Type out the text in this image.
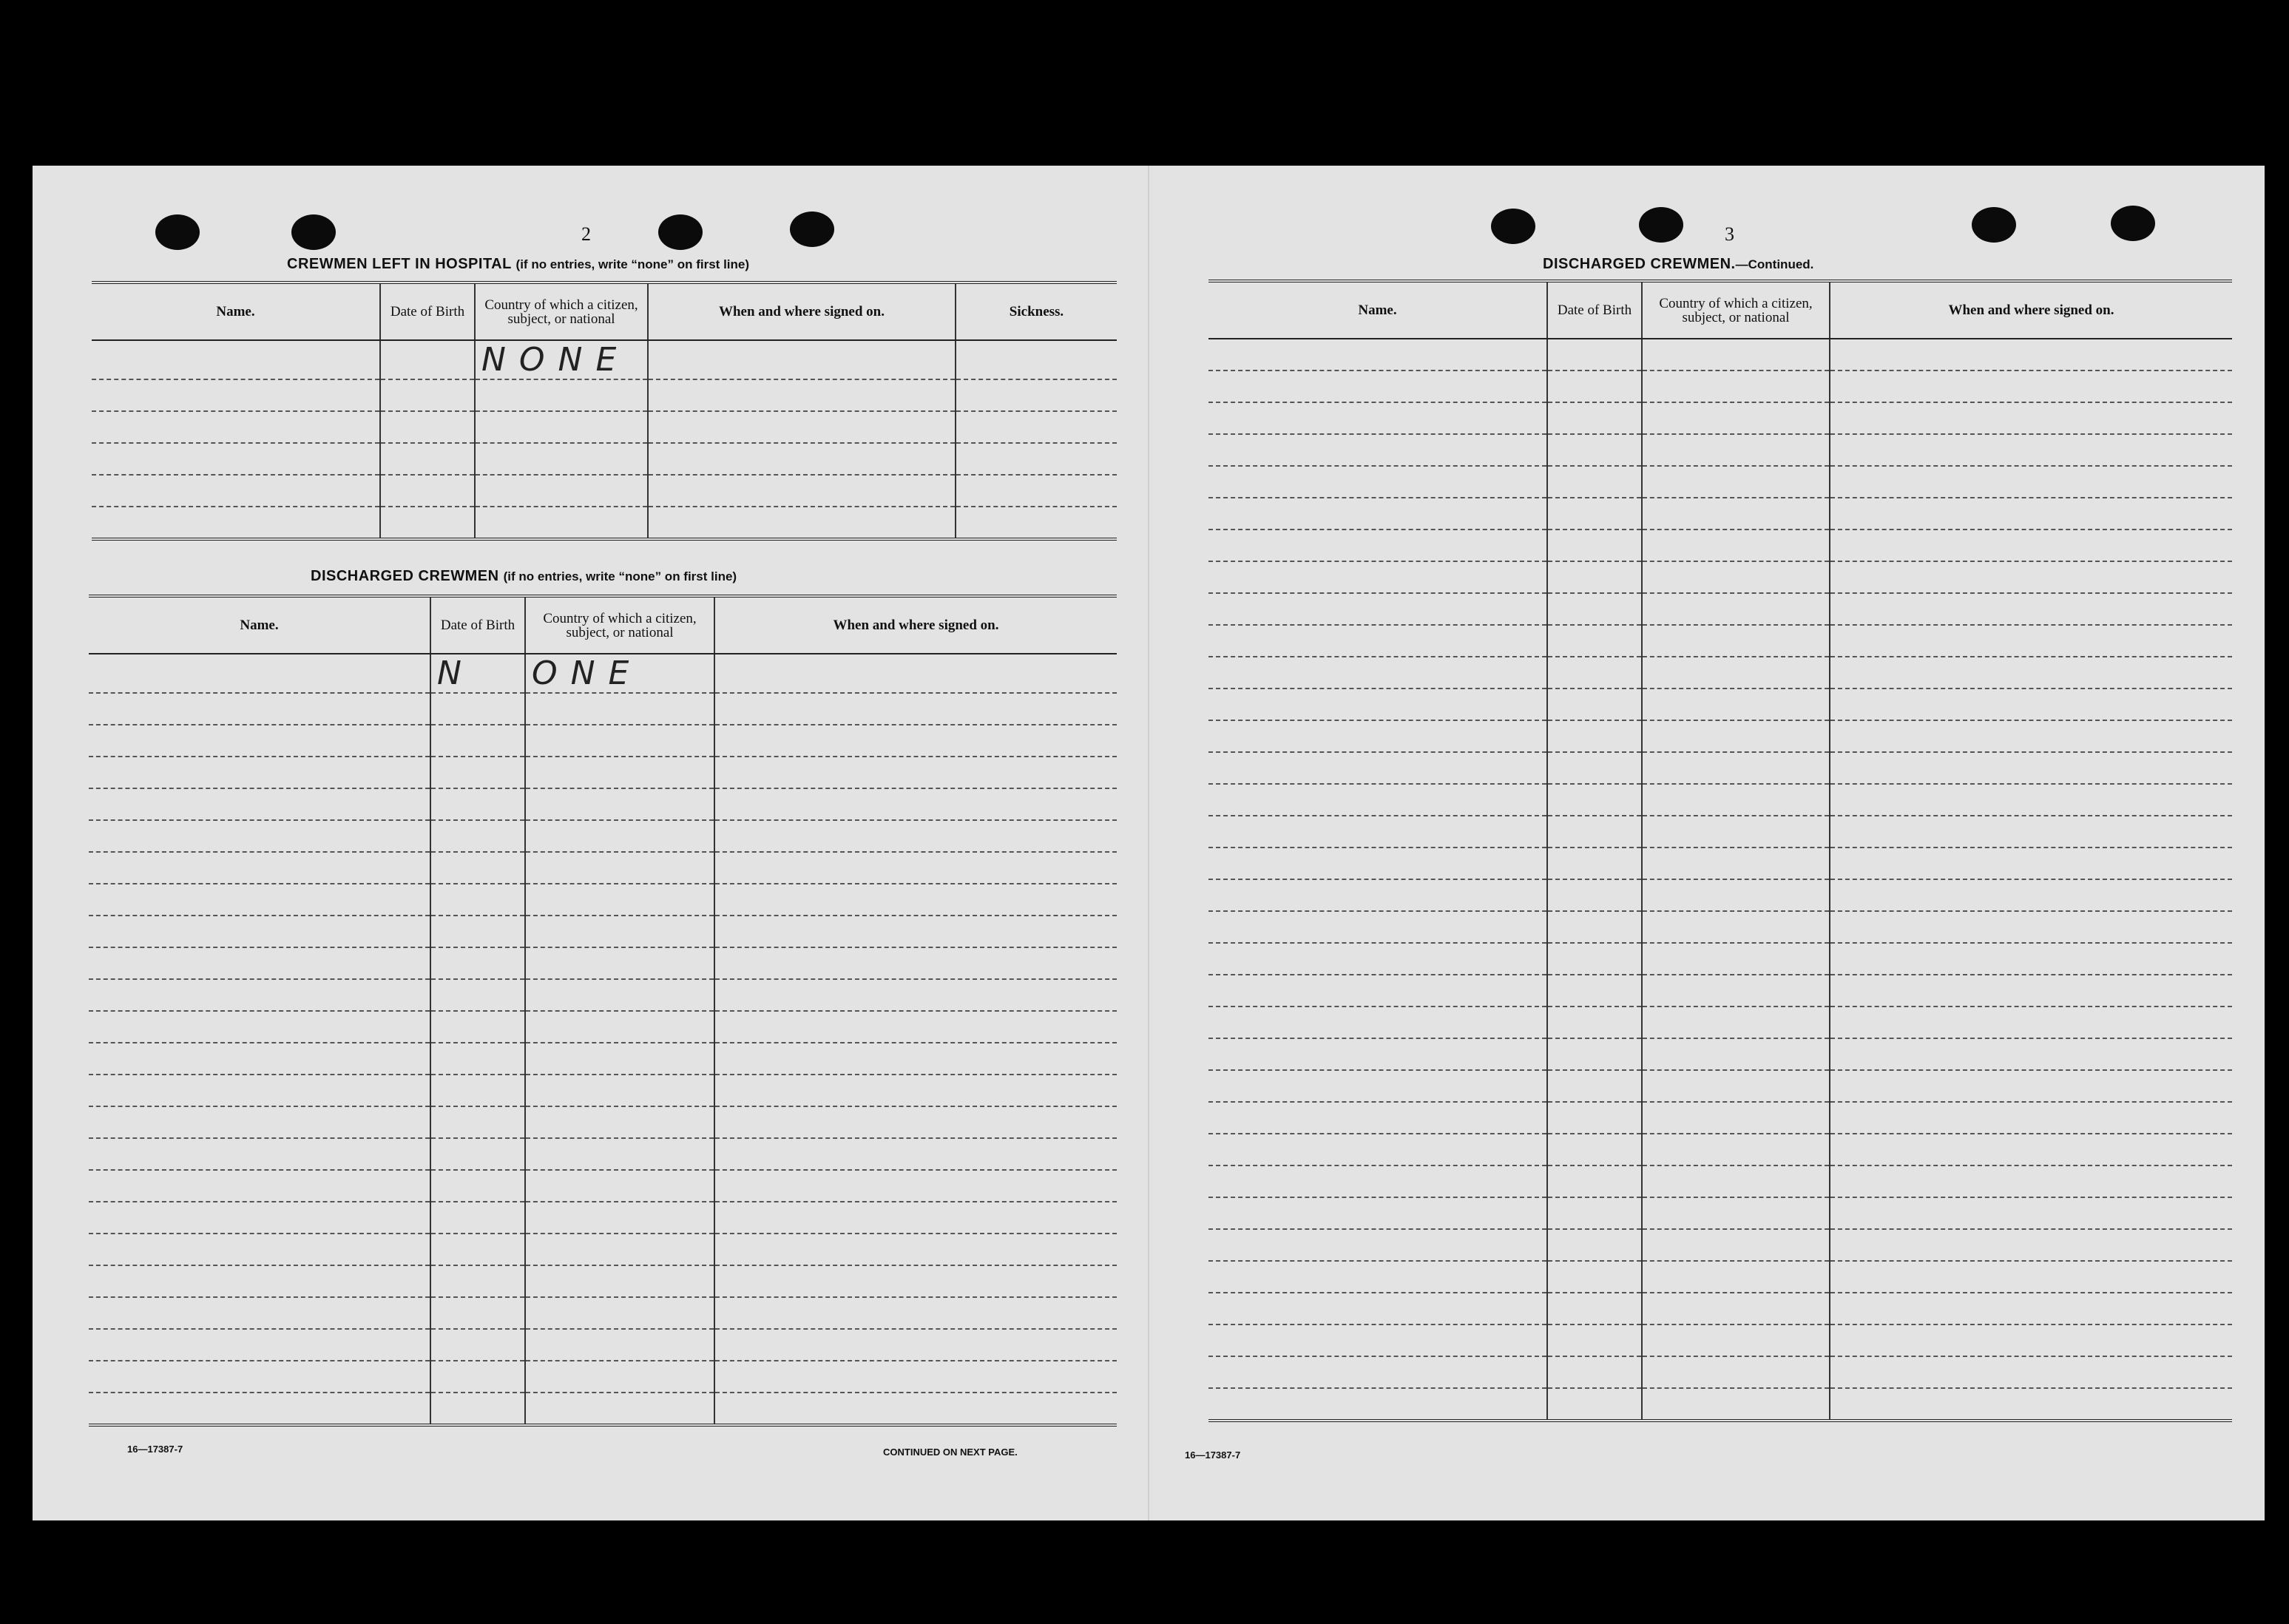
2
CREWMEN LEFT IN HOSPITAL (if no entries, write “none” on first line)
Name.	Date of Birth	Country of which a citizen, subject, or national	When and where signed on.	Sickness.
		NONE		

DISCHARGED CREWMEN (if no entries, write “none” on first line)
Name.	Date of Birth	Country of which a citizen, subject, or national	When and where signed on.
	N	ONE	

16—17387-7	CONTINUED ON NEXT PAGE.
3
DISCHARGED CREWMEN.—Continued.
Name.	Date of Birth	Country of which a citizen, subject, or national	When and where signed on.

16—17387-7
